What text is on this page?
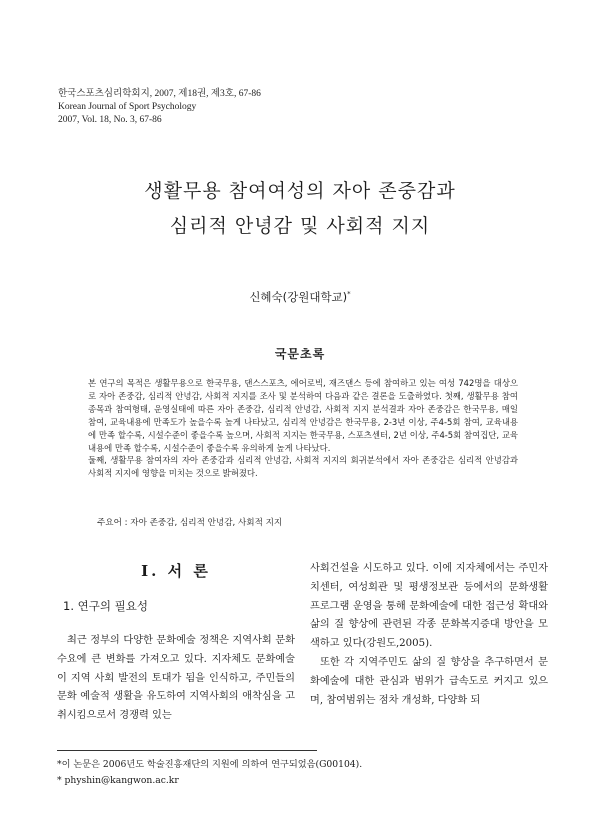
한국스포츠심리학회지, 2007, 제18권, 제3호, 67-86
Korean Journal of Sport Psychology
2007, Vol. 18, No. 3, 67-86
생활무용 참여여성의 자아 존중감과
심리적 안녕감 및 사회적 지지
신혜숙(강원대학교)*
국문초록

본 연구의 목적은 생활무용으로 한국무용, 댄스스포츠, 에어로빅, 재즈댄스 등에 참여하고 있는 여성 742명을 대상으로 자아 존중감, 심리적 안녕감, 사회적 지지를 조사 및 분석하여 다음과 같은 결론을 도출하였다. 첫째, 생활무용 참여종목과 참여형태, 운영실태에 따른 자아 존중감, 심리적 안녕감, 사회적 지지 분석결과 자아 존중감은 한국무용, 매일 참여, 교육내용에 만족도가 높을수록 높게 나타났고, 심리적 안녕감은 한국무용, 2-3년 이상, 주4-5회 참여, 교육내용에 만족 할수록, 시설수준이 좋을수록 높으며, 사회적 지지는 한국무용, 스포츠센터, 2년 이상, 주4-5회 참여집단, 교육내용에 만족 할수록, 시설수준이 좋을수록 유의하게 높게 나타났다.

둘째, 생활무용 참여자의 자아 존중감과 심리적 안녕감, 사회적 지지의 회귀분석에서 자아 존중감은 심리적 안녕감과 사회적 지지에 영향을 미치는 것으로 밝혀졌다.

주요어 : 자아 존중감, 심리적 안녕감, 사회적 지지
I. 서 론
1. 연구의 필요성

최근 정부의 다양한 문화예술 정책은 지역사회 문화수요에 큰 변화를 가져오고 있다. 지자체도 문화예술이 지역 사회 발전의 토대가 됨을 인식하고, 주민들의 문화 예술적 생활을 유도하여 지역사회의 애착심을 고취시킴으로서 경쟁력 있는

사회건설을 시도하고 있다. 이에 지자체에서는 주민자치센터, 여성회관 및 평생정보관 등에서의 문화생활 프로그램 운영을 통해 문화예술에 대한 접근성 확대와 삶의 질 향상에 관련된 각종 문화복지증대 방안을 모색하고 있다(강원도,2005).

또한 각 지역주민도 삶의 질 향상을 추구하면서 문화예술에 대한 관심과 범위가 급속도로 커지고 있으며, 참여범위는 점차 개성화, 다양화 되

*이 논문은 2006년도 학술진흥재단의 지원에 의하여 연구되었음(G00104).
* physhin@kangwon.ac.kr
